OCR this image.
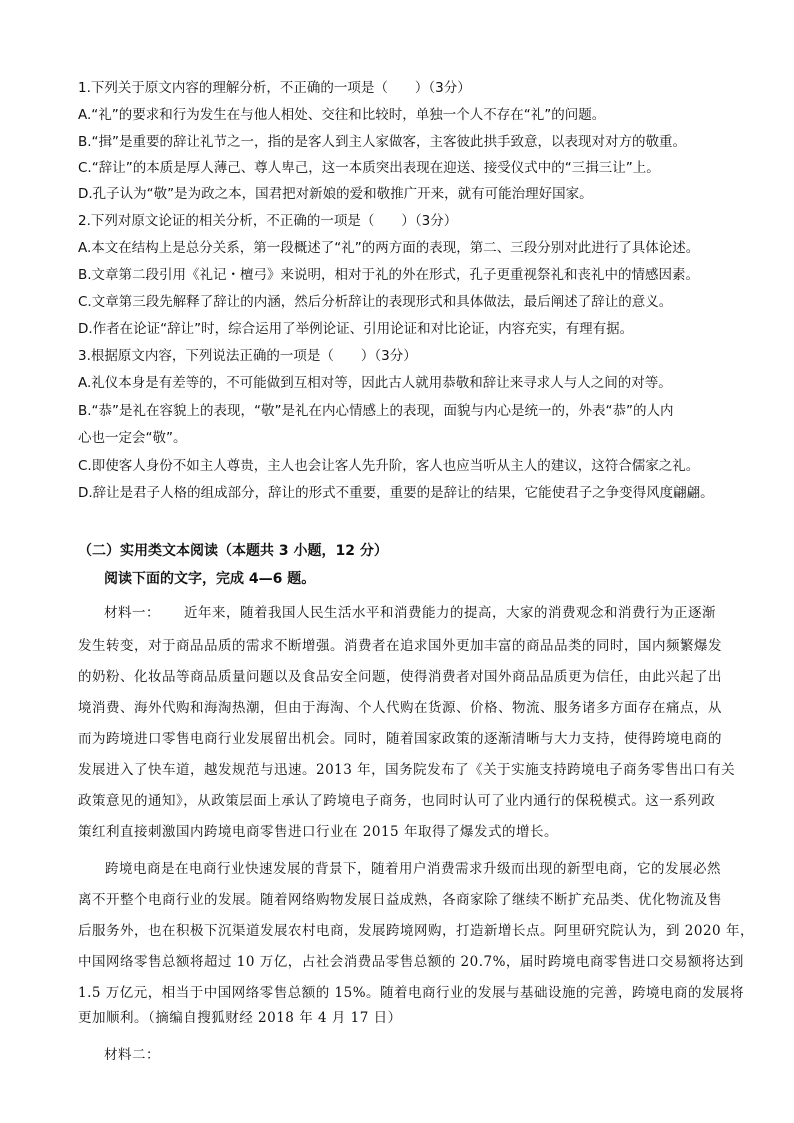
1.下列关于原文内容的理解分析，不正确的一项是（　　）（3分）
A.“礼”的要求和行为发生在与他人相处、交往和比较时，单独一个人不存在“礼”的问题。
B.“揖”是重要的辞让礼节之一，指的是客人到主人家做客，主客彼此拱手致意，以表现对对方的敬重。
C.“辞让”的本质是厚人薄己、尊人卑己，这一本质突出表现在迎送、接受仪式中的“三揖三让”上。
D.孔子认为“敬”是为政之本，国君把对新娘的爱和敬推广开来，就有可能治理好国家。
2.下列对原文论证的相关分析，不正确的一项是（　　）（3分）
A.本文在结构上是总分关系，第一段概述了“礼”的两方面的表现，第二、三段分别对此进行了具体论述。
B.文章第二段引用《礼记・檀弓》来说明，相对于礼的外在形式，孔子更重视祭礼和丧礼中的情感因素。
C.文章第三段先解释了辞让的内涵，然后分析辞让的表现形式和具体做法，最后阐述了辞让的意义。
D.作者在论证“辞让”时，综合运用了举例论证、引用论证和对比论证，内容充实，有理有据。
3.根据原文内容，下列说法正确的一项是（　　）（3分）
A.礼仪本身是有差等的，不可能做到互相对等，因此古人就用恭敬和辞让来寻求人与人之间的对等。
B.“恭”是礼在容貌上的表现，“敬”是礼在内心情感上的表现，面貌与内心是统一的，外表“恭”的人内
心也一定会“敬”。
C.即使客人身份不如主人尊贵，主人也会让客人先升阶，客人也应当听从主人的建议，这符合儒家之礼。
D.辞让是君子人格的组成部分，辞让的形式不重要，重要的是辞让的结果，它能使君子之争变得风度翩翩。
（二）实用类文本阅读（本题共 3 小题，12 分）
阅读下面的文字，完成 4—6 题。
材料一： 近年来，随着我国人民生活水平和消费能力的提高，大家的消费观念和消费行为正逐渐
发生转变，对于商品品质的需求不断增强。消费者在追求国外更加丰富的商品品类的同时，国内频繁爆发
的奶粉、化妆品等商品质量问题以及食品安全问题，使得消费者对国外商品品质更为信任，由此兴起了出
境消费、海外代购和海淘热潮，但由于海淘、个人代购在货源、价格、物流、服务诸多方面存在痛点，从
而为跨境进口零售电商行业发展留出机会。同时，随着国家政策的逐渐清晰与大力支持，使得跨境电商的
发展进入了快车道，越发规范与迅速。2013 年，国务院发布了《关于实施支持跨境电子商务零售出口有关
政策意见的通知》，从政策层面上承认了跨境电子商务，也同时认可了业内通行的保税模式。这一系列政
策红利直接刺激国内跨境电商零售进口行业在 2015 年取得了爆发式的增长。
跨境电商是在电商行业快速发展的背景下，随着用户消费需求升级而出现的新型电商，它的发展必然
离不开整个电商行业的发展。随着网络购物发展日益成熟，各商家除了继续不断扩充品类、优化物流及售
后服务外，也在积极下沉渠道发展农村电商，发展跨境网购，打造新增长点。阿里研究院认为，到 2020 年，
中国网络零售总额将超过 10 万亿，占社会消费品零售总额的 20.7%，届时跨境电商零售进口交易额将达到
1.5 万亿元，相当于中国网络零售总额的 15%。随着电商行业的发展与基础设施的完善，跨境电商的发展将
更加顺利。（摘编自搜狐财经 2018 年 4 月 17 日）
材料二：
